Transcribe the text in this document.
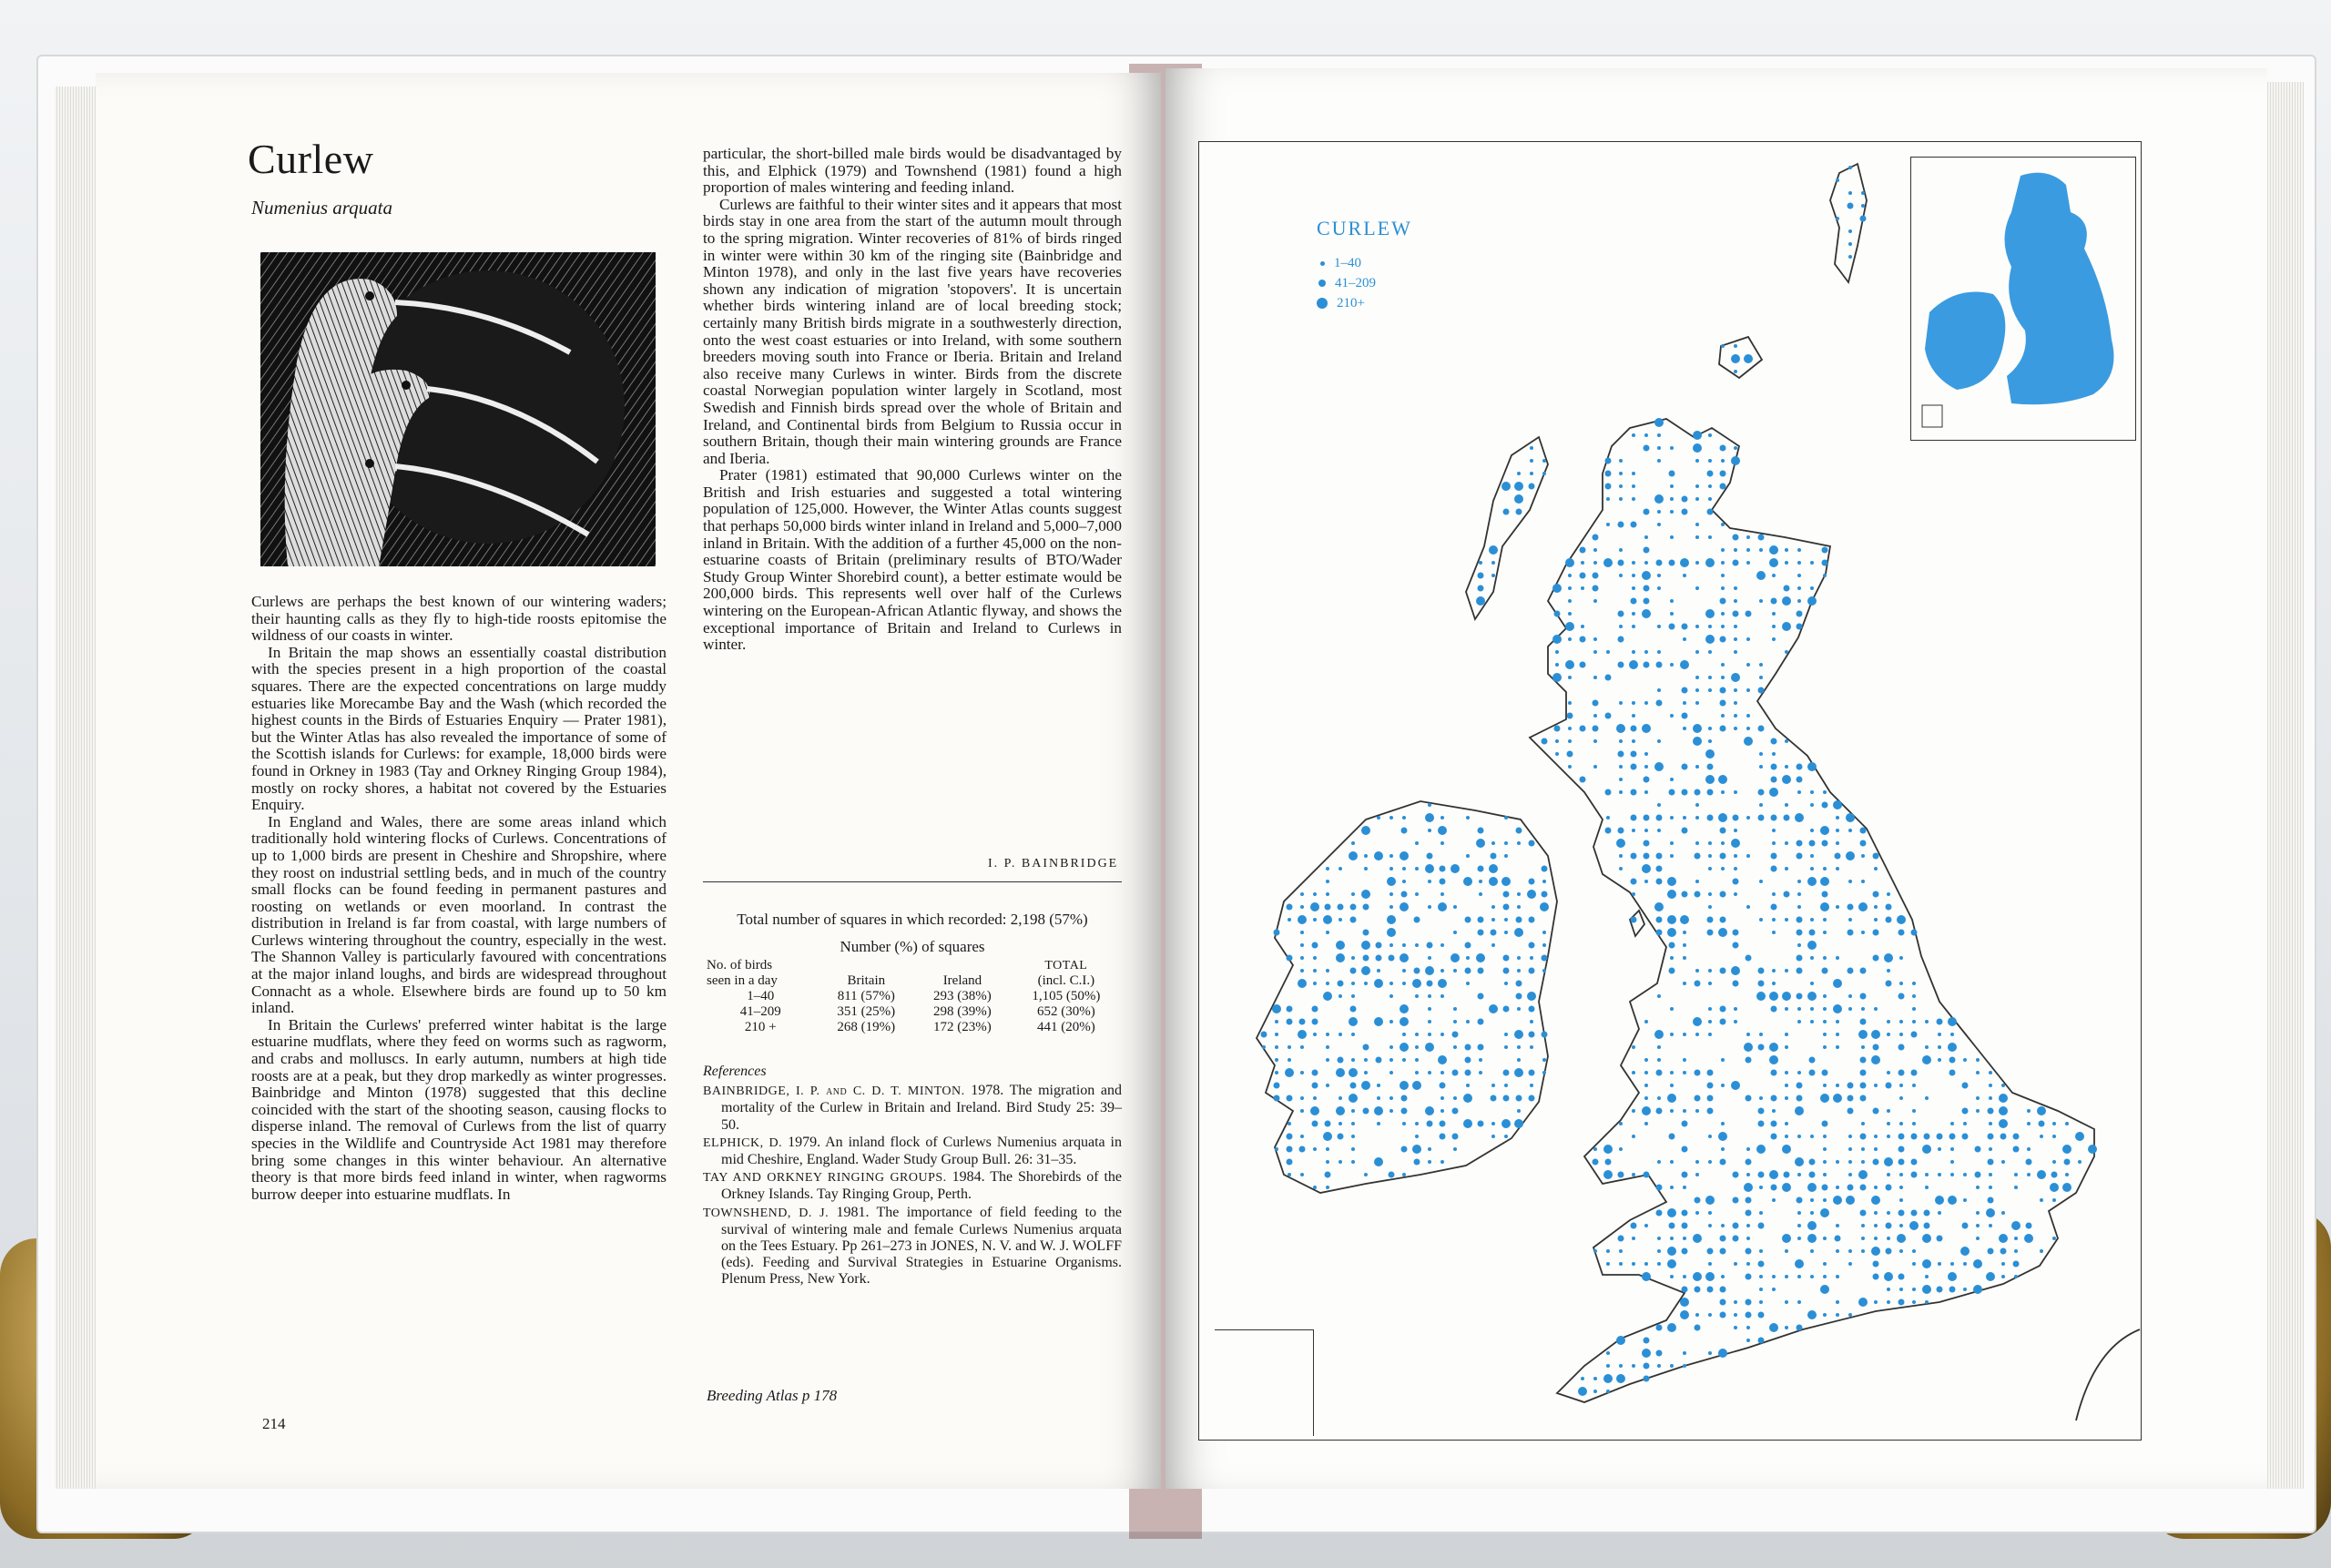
Curlew
Numenius arquata

Curlews are perhaps the best known of our wintering waders; their haunting calls as they fly to high-tide roosts epitomise the wildness of our coasts in winter.

In Britain the map shows an essentially coastal distribution with the species present in a high proportion of the coastal squares. There are the expected concentrations on large muddy estuaries like Morecambe Bay and the Wash (which recorded the highest counts in the Birds of Estuaries Enquiry — Prater 1981), but the Winter Atlas has also revealed the importance of some of the Scottish islands for Curlews: for example, 18,000 birds were found in Orkney in 1983 (Tay and Orkney Ringing Group 1984), mostly on rocky shores, a habitat not covered by the Estuaries Enquiry.

In England and Wales, there are some areas inland which traditionally hold wintering flocks of Curlews. Concentrations of up to 1,000 birds are present in Cheshire and Shropshire, where they roost on industrial settling beds, and in much of the country small flocks can be found feeding in permanent pastures and roosting on wetlands or even moorland. In contrast the distribution in Ireland is far from coastal, with large numbers of Curlews wintering throughout the country, especially in the west. The Shannon Valley is particularly favoured with concentrations at the major inland loughs, and birds are widespread throughout Connacht as a whole. Elsewhere birds are found up to 50 km inland.

In Britain the Curlews' preferred winter habitat is the large estuarine mudflats, where they feed on worms such as ragworm, and crabs and molluscs. In early autumn, numbers at high tide roosts are at a peak, but they drop markedly as winter progresses. Bainbridge and Minton (1978) suggested that this decline coincided with the start of the shooting season, causing flocks to disperse inland. The removal of Curlews from the list of quarry species in the Wildlife and Countryside Act 1981 may therefore bring some changes in this winter behaviour. An alternative theory is that more birds feed inland in winter, when ragworms burrow deeper into estuarine mudflats. In

particular, the short-billed male birds would be disadvantaged by this, and Elphick (1979) and Townshend (1981) found a high proportion of males wintering and feeding inland.

Curlews are faithful to their winter sites and it appears that most birds stay in one area from the start of the autumn moult through to the spring migration. Winter recoveries of 81% of birds ringed in winter were within 30 km of the ringing site (Bainbridge and Minton 1978), and only in the last five years have recoveries shown any indication of migration 'stopovers'. It is uncertain whether birds wintering inland are of local breeding stock; certainly many British birds migrate in a southwesterly direction, onto the west coast estuaries or into Ireland, with some southern breeders moving south into France or Iberia. Britain and Ireland also receive many Curlews in winter. Birds from the discrete coastal Norwegian population winter largely in Scotland, most Swedish and Finnish birds spread over the whole of Britain and Ireland, and Continental birds from Belgium to Russia occur in southern Britain, though their main wintering grounds are France and Iberia.

Prater (1981) estimated that 90,000 Curlews winter on the British and Irish estuaries and suggested a total wintering population of 125,000. However, the Winter Atlas counts suggest that perhaps 50,000 birds winter inland in Ireland and 5,000–7,000 inland in Britain. With the addition of a further 45,000 on the non-estuarine coasts of Britain (preliminary results of BTO/Wader Study Group Winter Shorebird count), a better estimate would be 200,000 birds. This represents well over half of the Curlews wintering on the European-African Atlantic flyway, and shows the exceptional importance of Britain and Ireland to Curlews in winter.

I. P. BAINBRIDGE
Total number of squares in which recorded: 2,198 (57%)
Number (%) of squares
No. of birds
seen in a day	Britain	Ireland	TOTAL
(incl. C.I.)
1–40	811 (57%)	293 (38%)	1,105 (50%)
41–209	351 (25%)	298 (39%)	652 (30%)
210 +	268 (19%)	172 (23%)	441 (20%)

References

BAINBRIDGE, I. P. and C. D. T. MINTON. 1978. The migration and mortality of the Curlew in Britain and Ireland. Bird Study 25: 39–50.

ELPHICK, D. 1979. An inland flock of Curlews Numenius arquata in mid Cheshire, England. Wader Study Group Bull. 26: 31–35.

TAY AND ORKNEY RINGING GROUPS. 1984. The Shorebirds of the Orkney Islands. Tay Ringing Group, Perth.

TOWNSHEND, D. J. 1981. The importance of field feeding to the survival of wintering male and female Curlews Numenius arquata on the Tees Estuary. Pp 261–273 in JONES, N. V. and W. J. WOLFF (eds). Feeding and Survival Strategies in Estuarine Organisms. Plenum Press, New York.

Breeding Atlas p 178
214
CURLEW
1–40
41–209
210+
